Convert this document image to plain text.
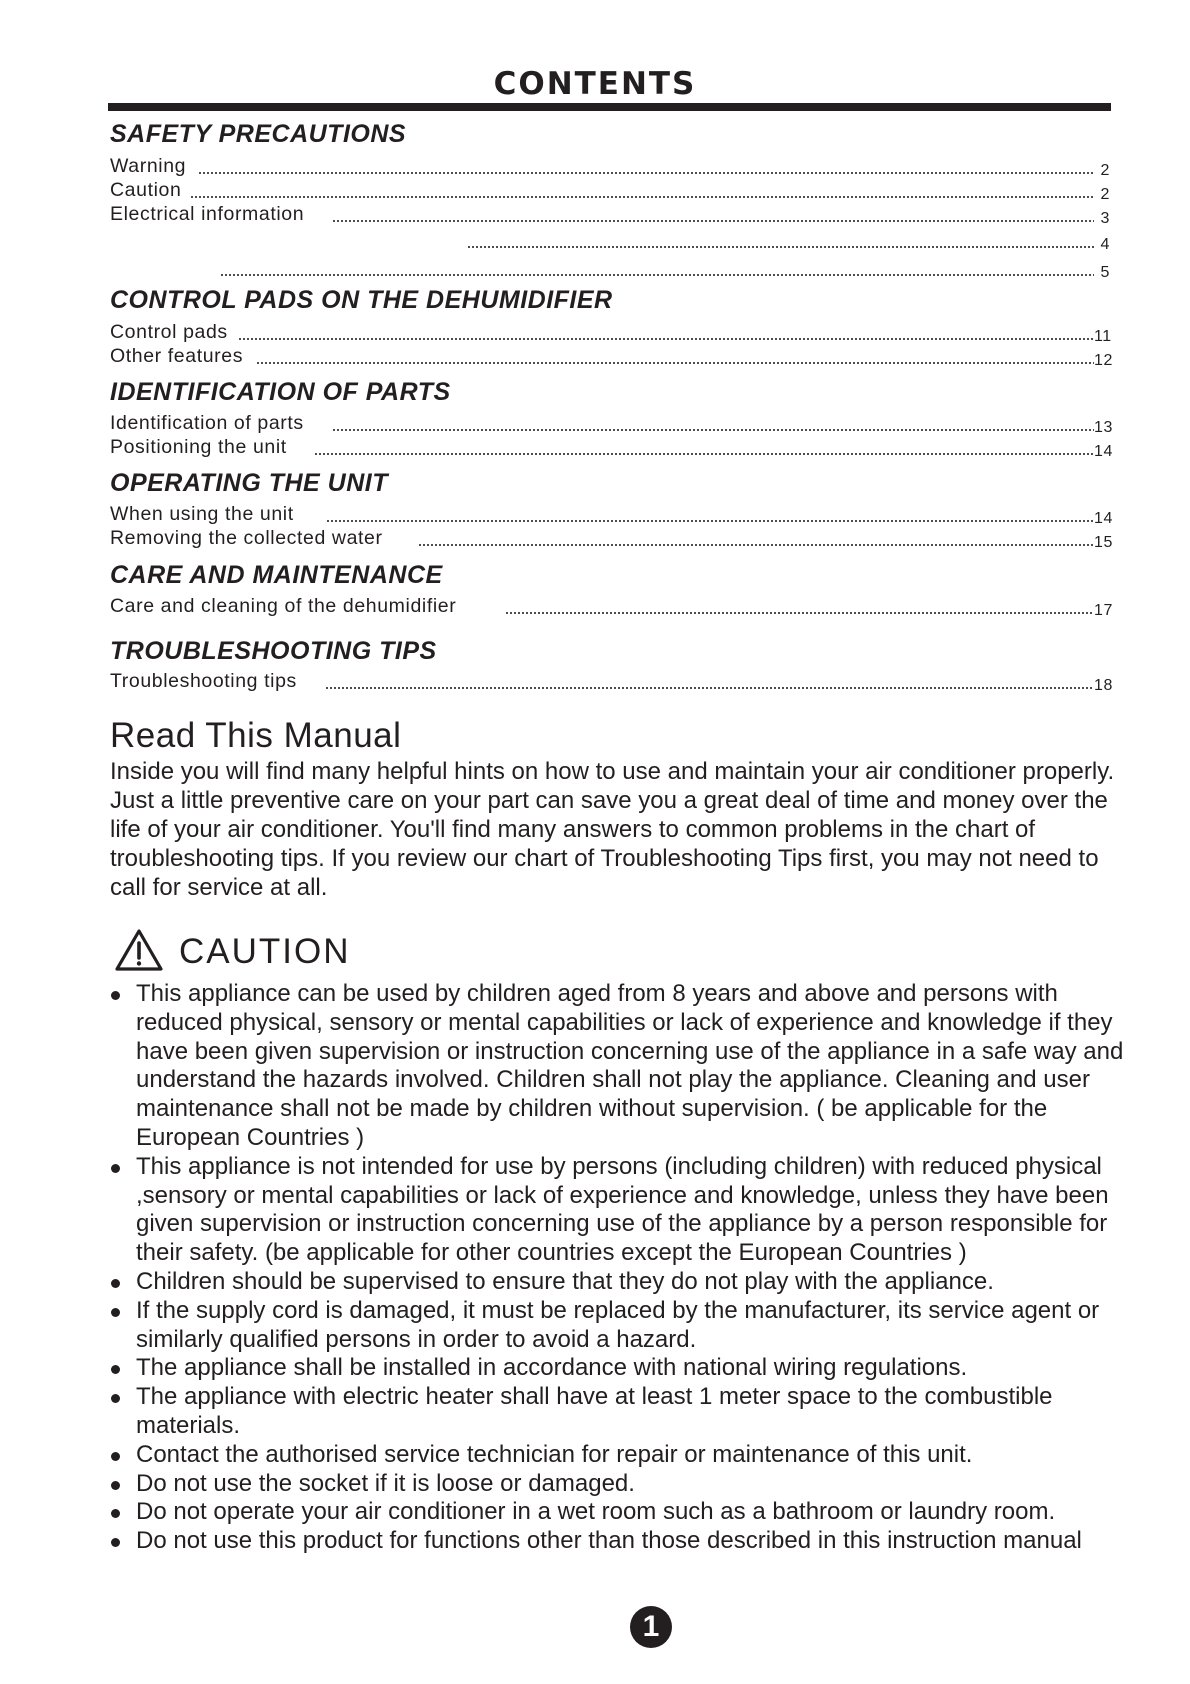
CONTENTS
SAFETY PRECAUTIONS
Warning	2
Caution	2
Electrical information	3
4
5
CONTROL PADS ON THE DEHUMIDIFIER
Control pads	11
Other features	12
IDENTIFICATION OF PARTS
Identification of parts	13
Positioning the unit	14
OPERATING THE UNIT
When using the unit	14
Removing the collected water	15
CARE AND MAINTENANCE
Care and cleaning of the dehumidifier	17
TROUBLESHOOTING TIPS
Troubleshooting tips	18
Read This Manual

Inside you will find many helpful hints on how to use and maintain your air conditioner properly. Just a little preventive care on your part can save you a great deal of time and money over the life of your air conditioner. You'll find many answers to common problems in the chart of troubleshooting tips. If you review our chart of Troubleshooting Tips first, you may not need to call for service at all.

CAUTION
This appliance can be used by children aged from 8 years and above and persons with reduced physical, sensory or mental capabilities or lack of experience and knowledge if they have been given supervision or instruction concerning use of the appliance in a safe way and understand the hazards involved. Children shall not play the appliance. Cleaning and user maintenance shall not be made by children without supervision. ( be applicable for the European Countries )
This appliance is not intended for use by persons (including children) with reduced physical ,sensory or mental capabilities or lack of experience and knowledge, unless they have been given supervision or instruction concerning use of the appliance by a person responsible for their safety. (be applicable for other countries except the European Countries )
Children should be supervised to ensure that they do not play with the appliance.
If the supply cord is damaged, it must be replaced by the manufacturer, its service agent or similarly qualified persons in order to avoid a hazard.
The appliance shall be installed in accordance with national wiring regulations.
The appliance with electric heater shall have at least 1 meter space to the combustible materials.
Contact the authorised service technician for repair or maintenance of this unit.
Do not use the socket if it is loose or damaged.
Do not operate your air conditioner in a wet room such as a bathroom or laundry room.
Do not use this product for functions other than those described in this instruction manual
1
